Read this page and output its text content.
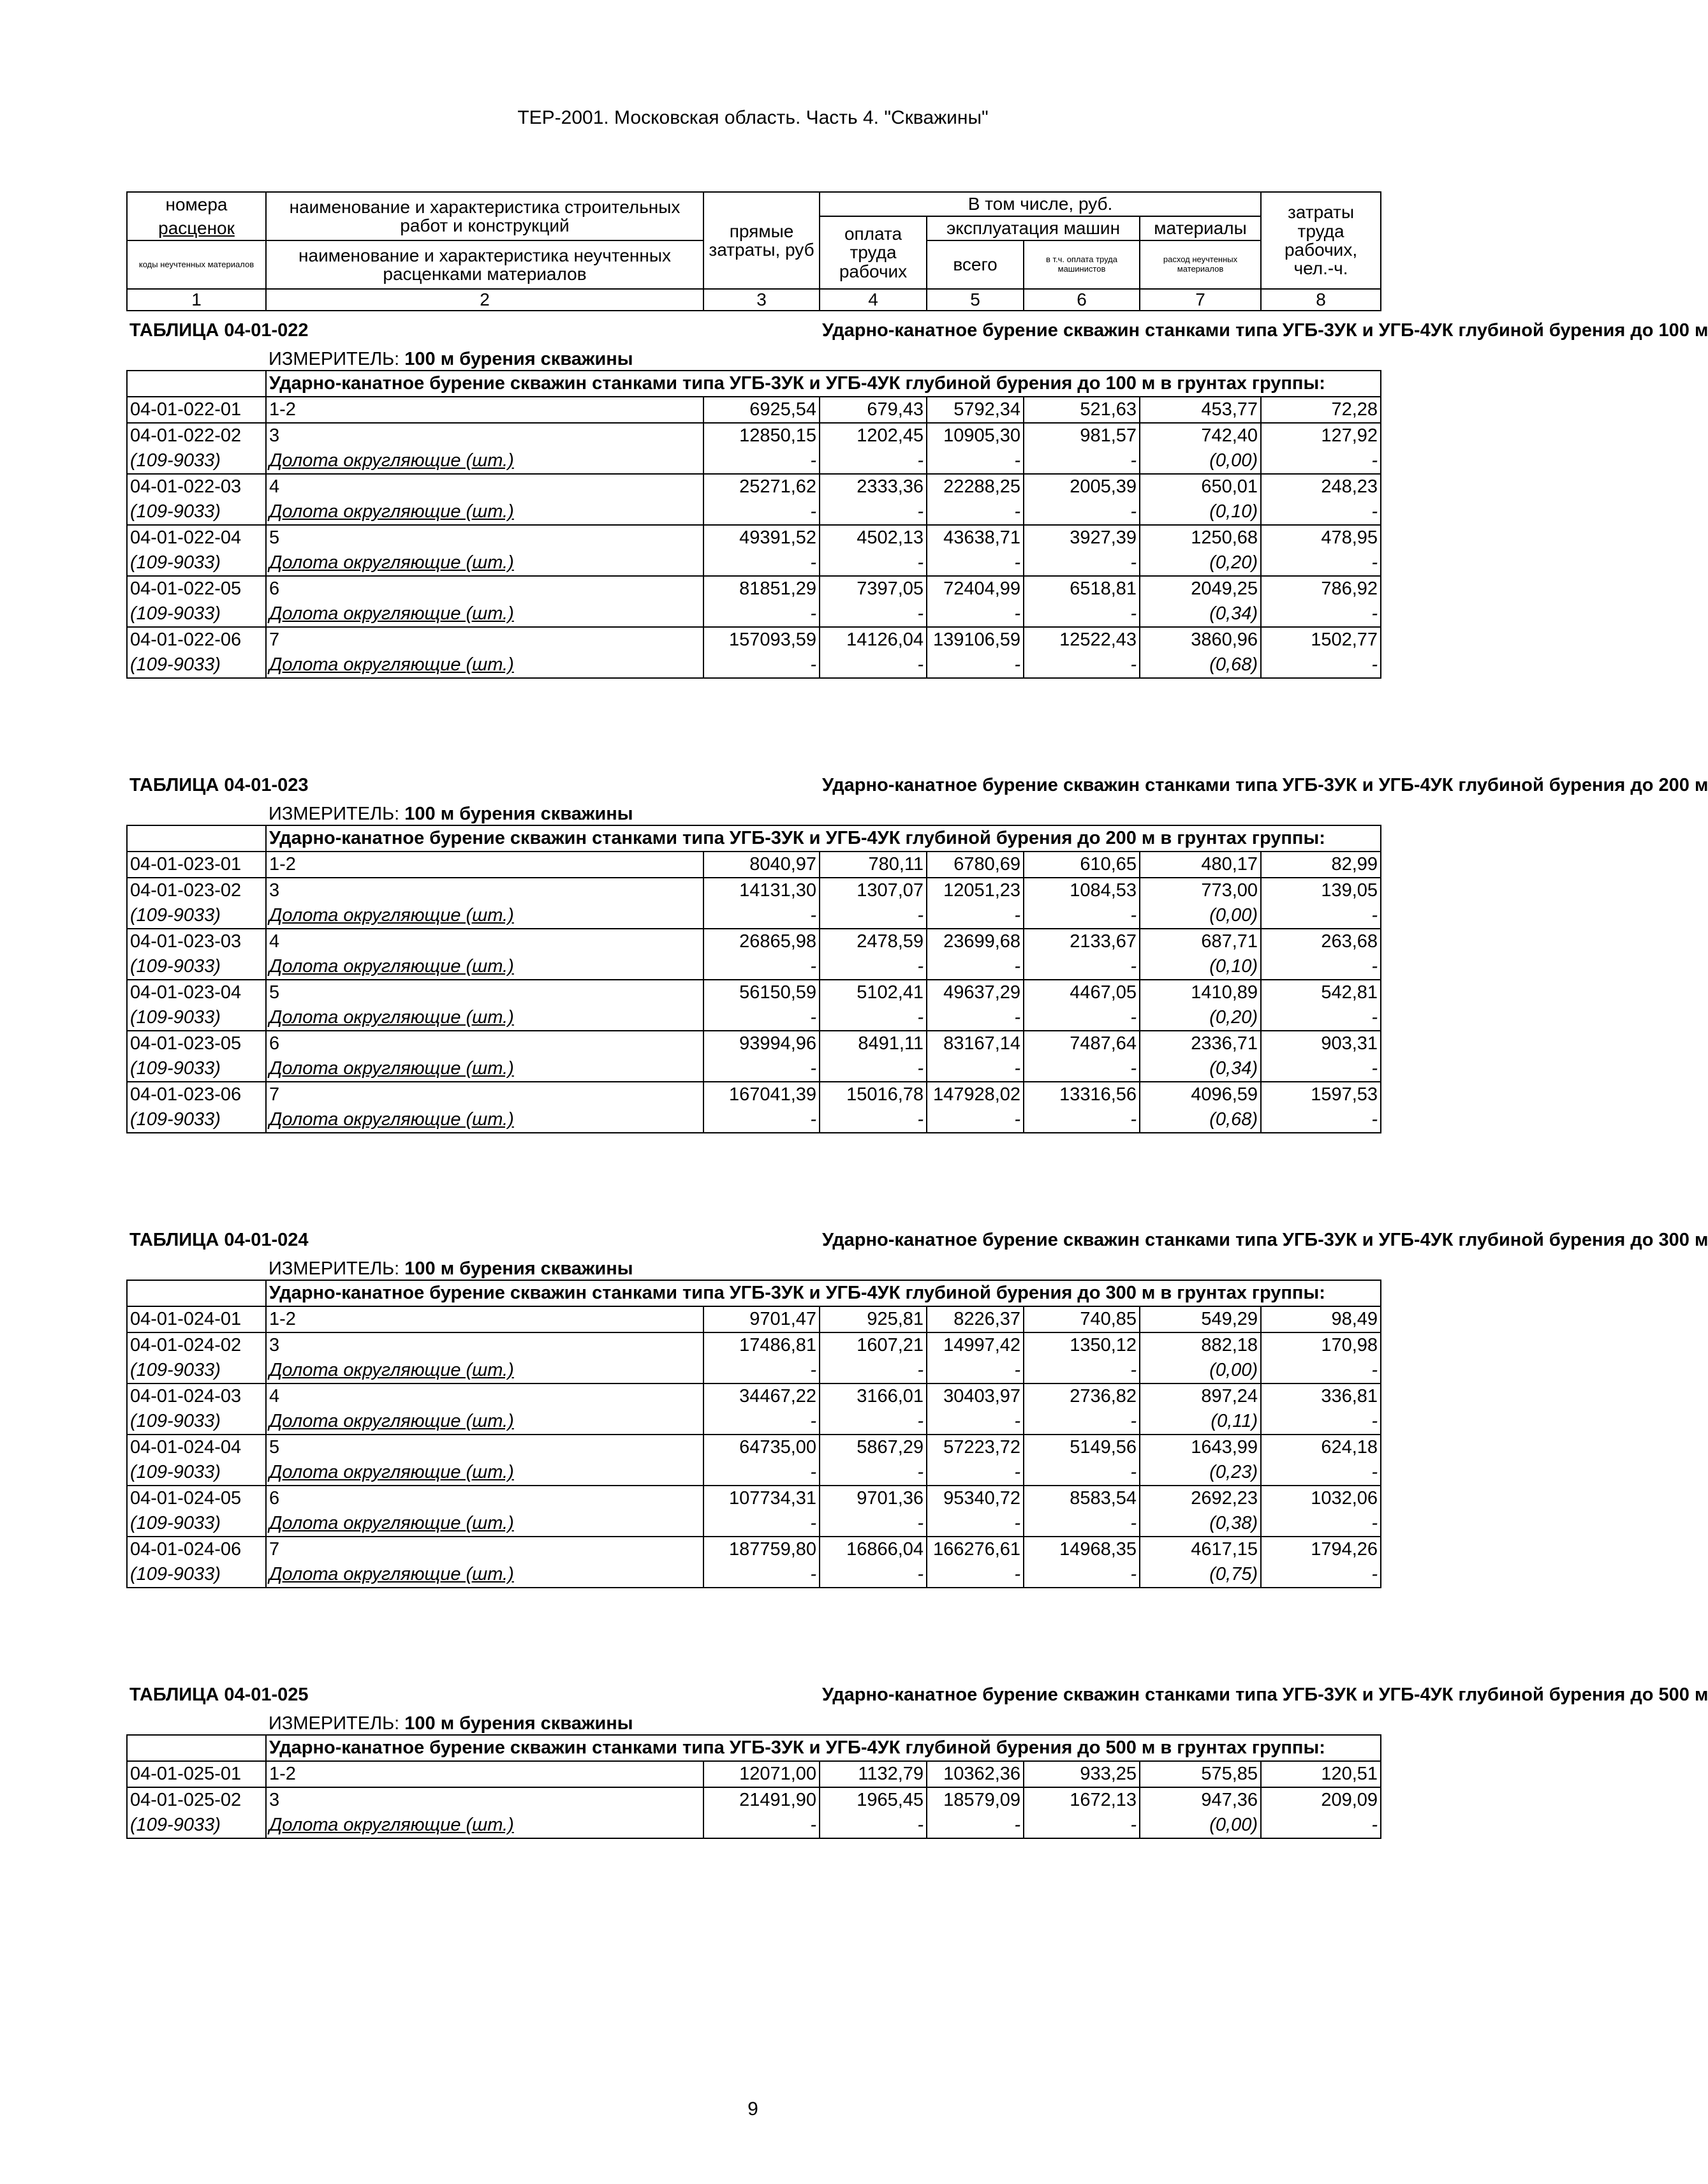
ТЕР-2001. Московская область. Часть 4. "Скважины"
номера	наименование и характеристика строительных работ и конструкций	прямые затраты, руб	В том числе, руб.				затраты труда рабочих, чел.-ч.
расценок			оплата труда рабочих	эксплуатация машин		материалы	
коды неучтенных материалов	наименование и характеристика неучтенных расценками материалов			всего	в т.ч. оплата труда машинистов	расход неучтенных материалов	

1	2	3	4	5	6	7	8
ТАБЛИЦА 04-01-022			Ударно-канатное бурение скважин станками типа УГБ-3УК и УГБ-4УК глубиной бурения до 100 м				
	ИЗМЕРИТЕЛЬ: 100 м бурения скважины						
	Ударно-канатное бурение скважин станками типа УГБ-3УК и УГБ-4УК глубиной бурения до 100 м в грунтах группы:						
04-01-022-01	1-2	6925,54	679,43	5792,34	521,63	453,77	72,28
04-01-022-02	3	12850,15	1202,45	10905,30	981,57	742,40	127,92
(109-9033)	Долота округляющие (шт.)	-	-	-	-	(0,00)	-
04-01-022-03	4	25271,62	2333,36	22288,25	2005,39	650,01	248,23
(109-9033)	Долота округляющие (шт.)	-	-	-	-	(0,10)	-
04-01-022-04	5	49391,52	4502,13	43638,71	3927,39	1250,68	478,95
(109-9033)	Долота округляющие (шт.)	-	-	-	-	(0,20)	-
04-01-022-05	6	81851,29	7397,05	72404,99	6518,81	2049,25	786,92
(109-9033)	Долота округляющие (шт.)	-	-	-	-	(0,34)	-
04-01-022-06	7	157093,59	14126,04	139106,59	12522,43	3860,96	1502,77
(109-9033)	Долота округляющие (шт.)	-	-	-	-	(0,68)	-
ТАБЛИЦА 04-01-023			Ударно-канатное бурение скважин станками типа УГБ-3УК и УГБ-4УК глубиной бурения до 200 м				
	ИЗМЕРИТЕЛЬ: 100 м бурения скважины						
	Ударно-канатное бурение скважин станками типа УГБ-3УК и УГБ-4УК глубиной бурения до 200 м в грунтах группы:						
04-01-023-01	1-2	8040,97	780,11	6780,69	610,65	480,17	82,99
04-01-023-02	3	14131,30	1307,07	12051,23	1084,53	773,00	139,05
(109-9033)	Долота округляющие (шт.)	-	-	-	-	(0,00)	-
04-01-023-03	4	26865,98	2478,59	23699,68	2133,67	687,71	263,68
(109-9033)	Долота округляющие (шт.)	-	-	-	-	(0,10)	-
04-01-023-04	5	56150,59	5102,41	49637,29	4467,05	1410,89	542,81
(109-9033)	Долота округляющие (шт.)	-	-	-	-	(0,20)	-
04-01-023-05	6	93994,96	8491,11	83167,14	7487,64	2336,71	903,31
(109-9033)	Долота округляющие (шт.)	-	-	-	-	(0,34)	-
04-01-023-06	7	167041,39	15016,78	147928,02	13316,56	4096,59	1597,53
(109-9033)	Долота округляющие (шт.)	-	-	-	-	(0,68)	-
ТАБЛИЦА 04-01-024			Ударно-канатное бурение скважин станками типа УГБ-3УК и УГБ-4УК глубиной бурения до 300 м				
	ИЗМЕРИТЕЛЬ: 100 м бурения скважины						
	Ударно-канатное бурение скважин станками типа УГБ-3УК и УГБ-4УК глубиной бурения до 300 м в грунтах группы:						
04-01-024-01	1-2	9701,47	925,81	8226,37	740,85	549,29	98,49
04-01-024-02	3	17486,81	1607,21	14997,42	1350,12	882,18	170,98
(109-9033)	Долота округляющие (шт.)	-	-	-	-	(0,00)	-
04-01-024-03	4	34467,22	3166,01	30403,97	2736,82	897,24	336,81
(109-9033)	Долота округляющие (шт.)	-	-	-	-	(0,11)	-
04-01-024-04	5	64735,00	5867,29	57223,72	5149,56	1643,99	624,18
(109-9033)	Долота округляющие (шт.)	-	-	-	-	(0,23)	-
04-01-024-05	6	107734,31	9701,36	95340,72	8583,54	2692,23	1032,06
(109-9033)	Долота округляющие (шт.)	-	-	-	-	(0,38)	-
04-01-024-06	7	187759,80	16866,04	166276,61	14968,35	4617,15	1794,26
(109-9033)	Долота округляющие (шт.)	-	-	-	-	(0,75)	-
ТАБЛИЦА 04-01-025			Ударно-канатное бурение скважин станками типа УГБ-3УК и УГБ-4УК глубиной бурения до 500 м				
	ИЗМЕРИТЕЛЬ: 100 м бурения скважины						
	Ударно-канатное бурение скважин станками типа УГБ-3УК и УГБ-4УК глубиной бурения до 500 м в грунтах группы:						
04-01-025-01	1-2	12071,00	1132,79	10362,36	933,25	575,85	120,51
04-01-025-02	3	21491,90	1965,45	18579,09	1672,13	947,36	209,09
(109-9033)	Долота округляющие (шт.)	-	-	-	-	(0,00)	-
9
